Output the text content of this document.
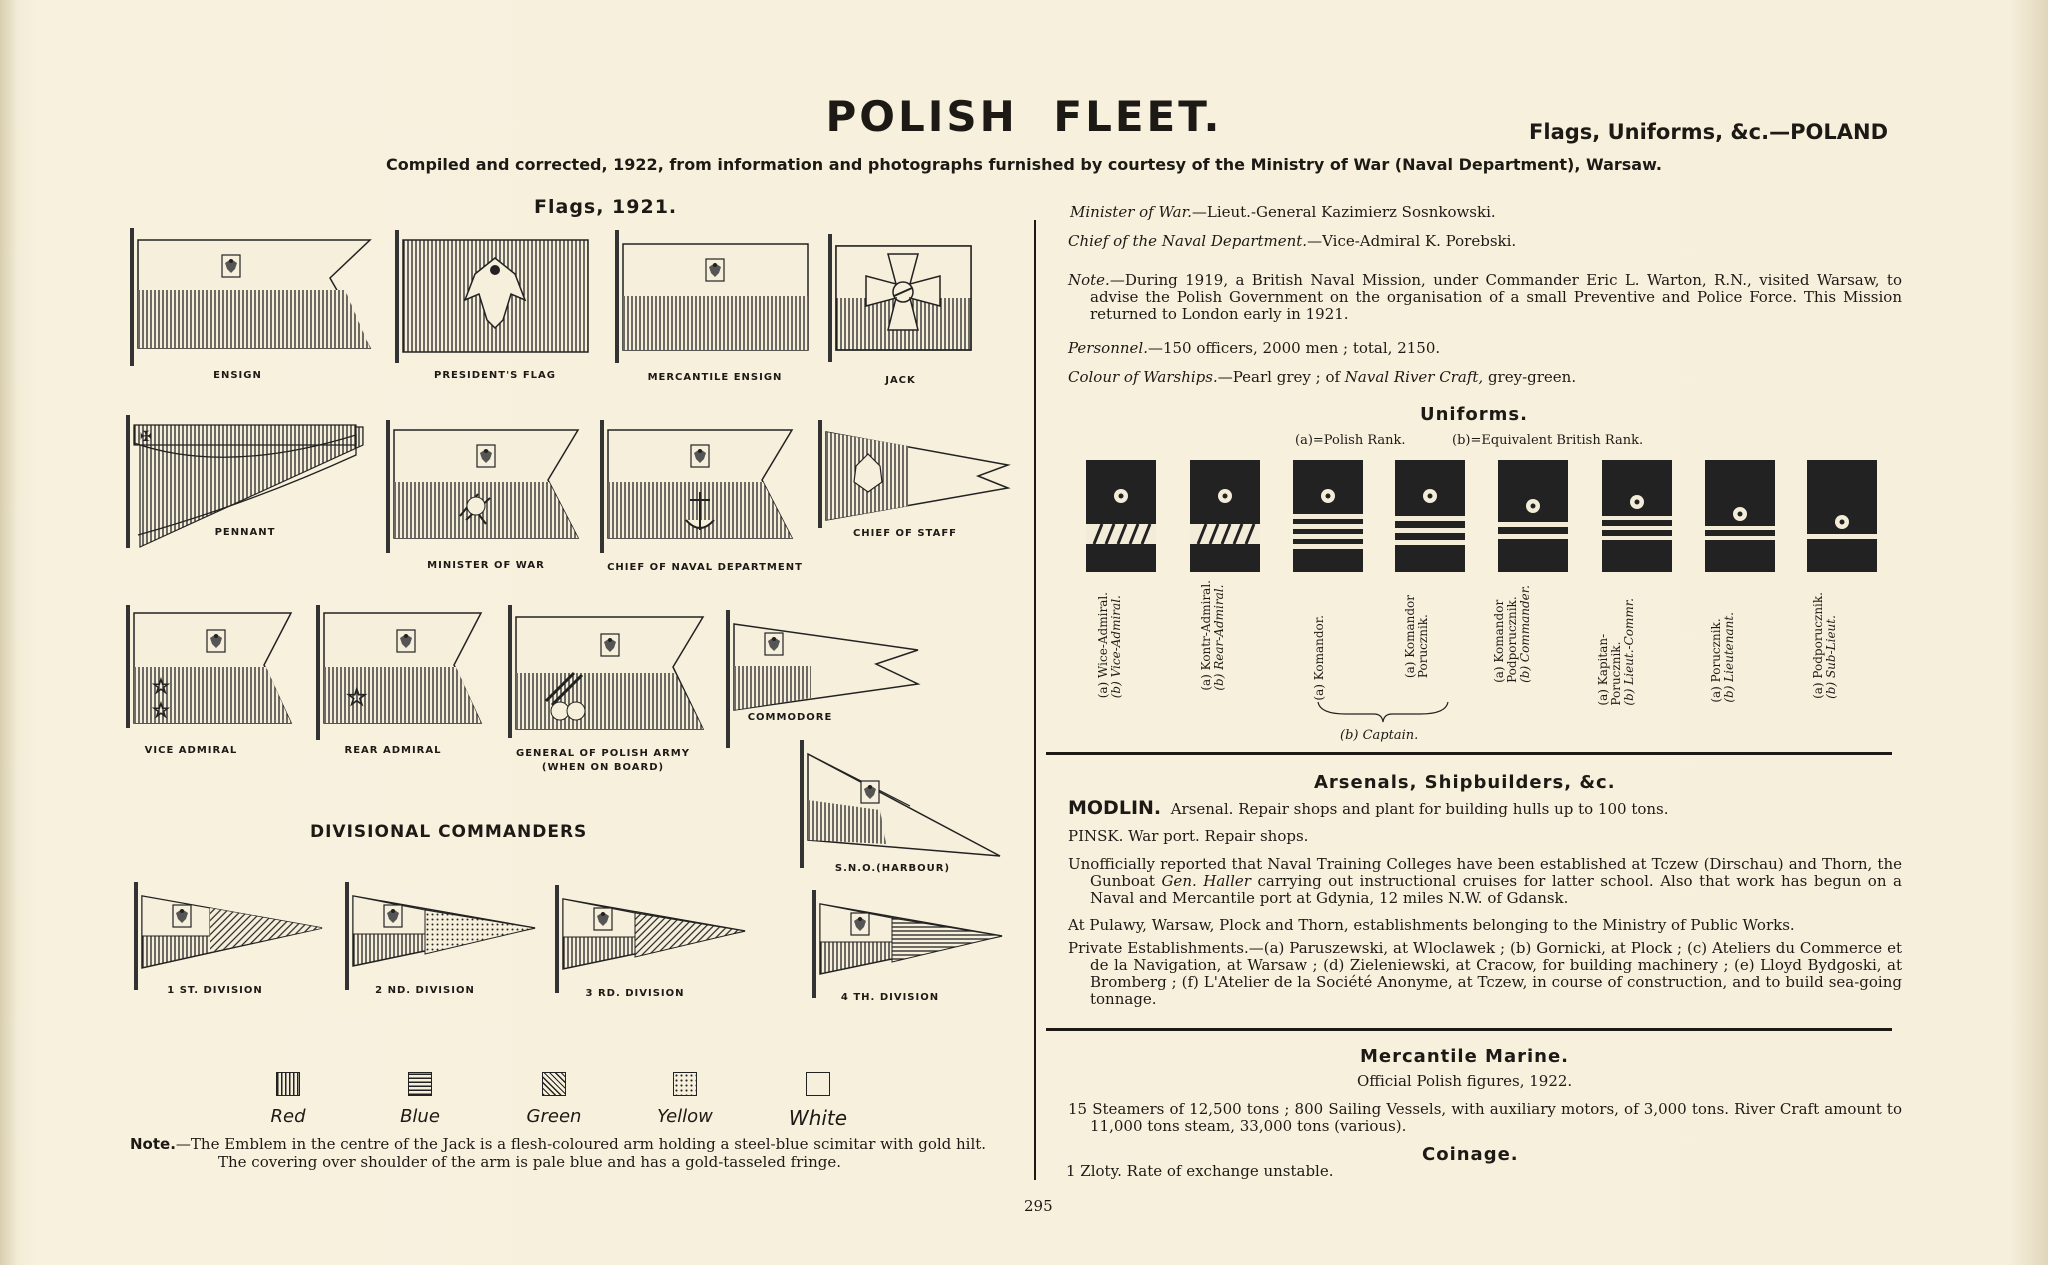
POLISH FLEET.	Flags, Uniforms, &c.—POLAND
Compiled and corrected, 1922, from information and photographs furnished by courtesy of the Ministry of War (Naval Department), Warsaw.
Flags, 1921.
ENSIGN	PRESIDENT'S FLAG	MERCANTILE ENSIGN	JACK
✠
PENNANT
MINISTER OF WAR	CHIEF OF NAVAL DEPARTMENT
CHIEF OF STAFF
☆
☆
VICE ADMIRAL
☆
REAR ADMIRAL	GENERAL OF POLISH ARMY
(WHEN ON BOARD)
COMMODORE
S.N.O.(HARBOUR)
DIVISIONAL COMMANDERS
1 ST. DIVISION	2 ND. DIVISION	3 RD. DIVISION	4 TH. DIVISION
Red	Blue	Green	Yellow	White
Note.—The Emblem in the centre of the Jack is a flesh-coloured arm holding a steel-blue scimitar with gold hilt.
The covering over shoulder of the arm is pale blue and has a gold-tasseled fringe.
Minister of War.—Lieut.-General Kazimierz Sosnkowski.
Chief of the Naval Department.—Vice-Admiral K. Porebski.
Note.—During 1919, a British Naval Mission, under Commander Eric L. Warton, R.N., visited Warsaw, to advise the Polish Government on the organisation of a small Preventive and Police Force. This Mission returned to London early in 1921.
Personnel.—150 officers, 2000 men ; total, 2150.
Colour of Warships.—Pearl grey ; of Naval River Craft, grey-green.
Uniforms.
(a)=Polish Rank.	(b)=Equivalent British Rank.
(a) Wice-Admiral.
(b) Vice-Admiral.	(a) Kontr-Admiral.
(b) Rear-Admiral.	(a) Komandor.	(a) Komandor
Porucznik.	(a) Komandor
Podporucznik.
(b) Commander.	(a) Kapitan-
Porucznik.
(b) Lieut.-Commr.	(a) Porucznik.
(b) Lieutenant.	(a) Podporucznik.
(b) Sub-Lieut.
(b) Captain.
Arsenals, Shipbuilders, &c.
MODLIN. Arsenal. Repair shops and plant for building hulls up to 100 tons.
PINSK. War port. Repair shops.
Unofficially reported that Naval Training Colleges have been established at Tczew (Dirschau) and Thorn, the Gunboat Gen. Haller carrying out instructional cruises for latter school. Also that work has begun on a Naval and Mercantile port at Gdynia, 12 miles N.W. of Gdansk.
At Pulawy, Warsaw, Plock and Thorn, establishments belonging to the Ministry of Public Works.
Private Establishments.—(a) Paruszewski, at Wloclawek ; (b) Gornicki, at Plock ; (c) Ateliers du Commerce et de la Navigation, at Warsaw ; (d) Zieleniewski, at Cracow, for building machinery ; (e) Lloyd Bydgoski, at Bromberg ; (f) L'Atelier de la Société Anonyme, at Tczew, in course of construction, and to build sea-going tonnage.
Mercantile Marine.
Official Polish figures, 1922.
15 Steamers of 12,500 tons ; 800 Sailing Vessels, with auxiliary motors, of 3,000 tons. River Craft amount to 11,000 tons steam, 33,000 tons (various).
Coinage.
1 Zloty. Rate of exchange unstable.
295
